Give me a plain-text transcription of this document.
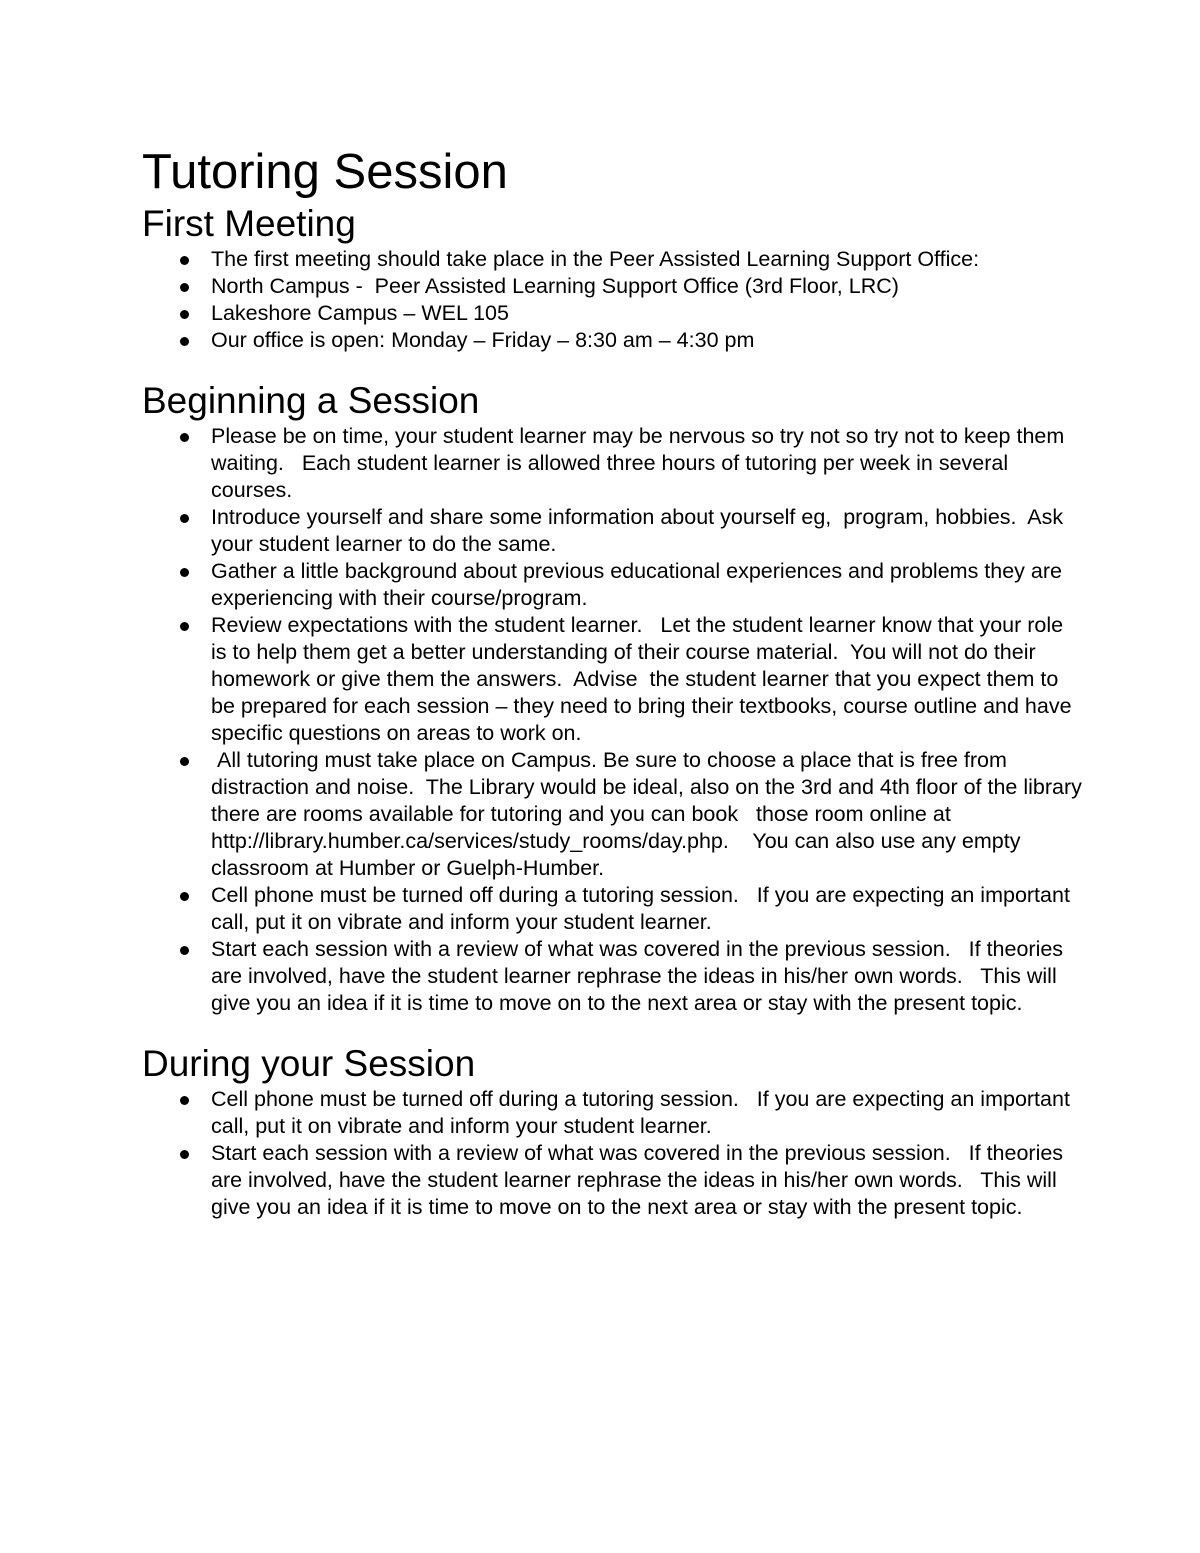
Tutoring Session
First Meeting
The first meeting should take place in the Peer Assisted Learning Support Office:
North Campus -  Peer Assisted Learning Support Office (3rd Floor, LRC)
Lakeshore Campus – WEL 105
Our office is open: Monday – Friday – 8:30 am – 4:30 pm
Beginning a Session
Please be on time, your student learner may be nervous so try not so try not to keep them waiting.   Each student learner is allowed three hours of tutoring per week in several courses.
Introduce yourself and share some information about yourself eg,  program, hobbies.  Ask your student learner to do the same.
Gather a little background about previous educational experiences and problems they are experiencing with their course/program.
Review expectations with the student learner.   Let the student learner know that your role is to help them get a better understanding of their course material.  You will not do their homework or give them the answers.  Advise  the student learner that you expect them to be prepared for each session – they need to bring their textbooks, course outline and have specific questions on areas to work on.
All tutoring must take place on Campus. Be sure to choose a place that is free from distraction and noise.  The Library would be ideal, also on the 3rd and 4th floor of the library there are rooms available for tutoring and you can book   those room online at http://library.humber.ca/services/study_rooms/day.php.    You can also use any empty classroom at Humber or Guelph-Humber.
Cell phone must be turned off during a tutoring session.   If you are expecting an important call, put it on vibrate and inform your student learner.
Start each session with a review of what was covered in the previous session.   If theories are involved, have the student learner rephrase the ideas in his/her own words.   This will give you an idea if it is time to move on to the next area or stay with the present topic.
During your Session
Cell phone must be turned off during a tutoring session.   If you are expecting an important call, put it on vibrate and inform your student learner.
Start each session with a review of what was covered in the previous session.   If theories are involved, have the student learner rephrase the ideas in his/her own words.   This will give you an idea if it is time to move on to the next area or stay with the present topic.
